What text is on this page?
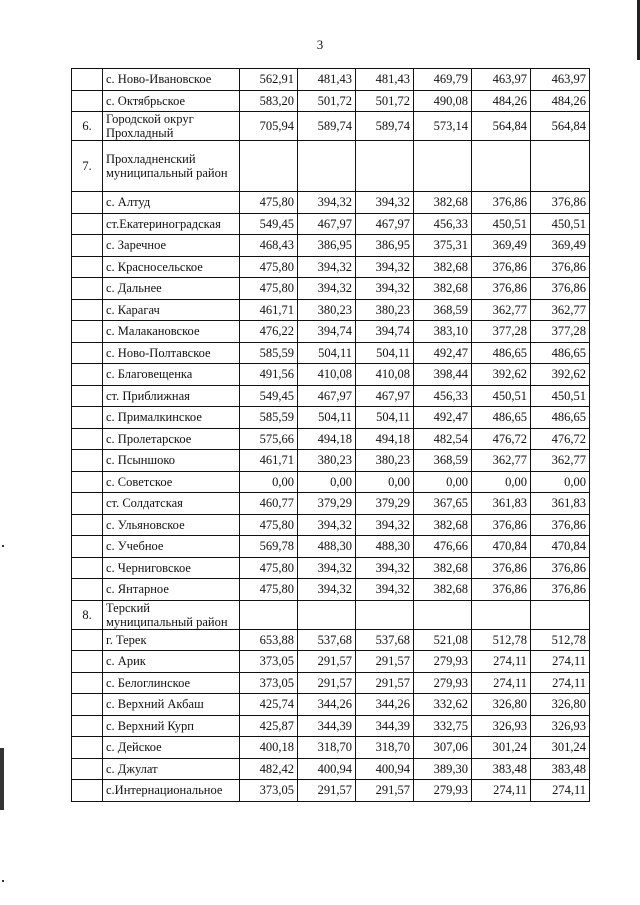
3
	с. Ново-Ивановское	562,91	481,43	481,43	469,79	463,97	463,97
	с. Октябрьское	583,20	501,72	501,72	490,08	484,26	484,26
6.	Городской округ Прохладный	705,94	589,74	589,74	573,14	564,84	564,84
7.	Прохладненский муниципальный район						
	с. Алтуд	475,80	394,32	394,32	382,68	376,86	376,86
	ст.Екатериноградская	549,45	467,97	467,97	456,33	450,51	450,51
	с. Заречное	468,43	386,95	386,95	375,31	369,49	369,49
	с. Красносельское	475,80	394,32	394,32	382,68	376,86	376,86
	с. Дальнее	475,80	394,32	394,32	382,68	376,86	376,86
	с. Карагач	461,71	380,23	380,23	368,59	362,77	362,77
	с. Малакановское	476,22	394,74	394,74	383,10	377,28	377,28
	с. Ново-Полтавское	585,59	504,11	504,11	492,47	486,65	486,65
	с. Благовещенка	491,56	410,08	410,08	398,44	392,62	392,62
	ст. Приближная	549,45	467,97	467,97	456,33	450,51	450,51
	с. Прималкинское	585,59	504,11	504,11	492,47	486,65	486,65
	с. Пролетарское	575,66	494,18	494,18	482,54	476,72	476,72
	с. Псыншоко	461,71	380,23	380,23	368,59	362,77	362,77
	с. Советское	0,00	0,00	0,00	0,00	0,00	0,00
	ст. Солдатская	460,77	379,29	379,29	367,65	361,83	361,83
	с. Ульяновское	475,80	394,32	394,32	382,68	376,86	376,86
	с. Учебное	569,78	488,30	488,30	476,66	470,84	470,84
	с. Черниговское	475,80	394,32	394,32	382,68	376,86	376,86
	с. Янтарное	475,80	394,32	394,32	382,68	376,86	376,86
8.	Терский муниципальный район						
	г. Терек	653,88	537,68	537,68	521,08	512,78	512,78
	с. Арик	373,05	291,57	291,57	279,93	274,11	274,11
	с. Белоглинское	373,05	291,57	291,57	279,93	274,11	274,11
	с. Верхний Акбаш	425,74	344,26	344,26	332,62	326,80	326,80
	с. Верхний Курп	425,87	344,39	344,39	332,75	326,93	326,93
	с. Дейское	400,18	318,70	318,70	307,06	301,24	301,24
	с. Джулат	482,42	400,94	400,94	389,30	383,48	383,48
	с.Интернациональное	373,05	291,57	291,57	279,93	274,11	274,11
